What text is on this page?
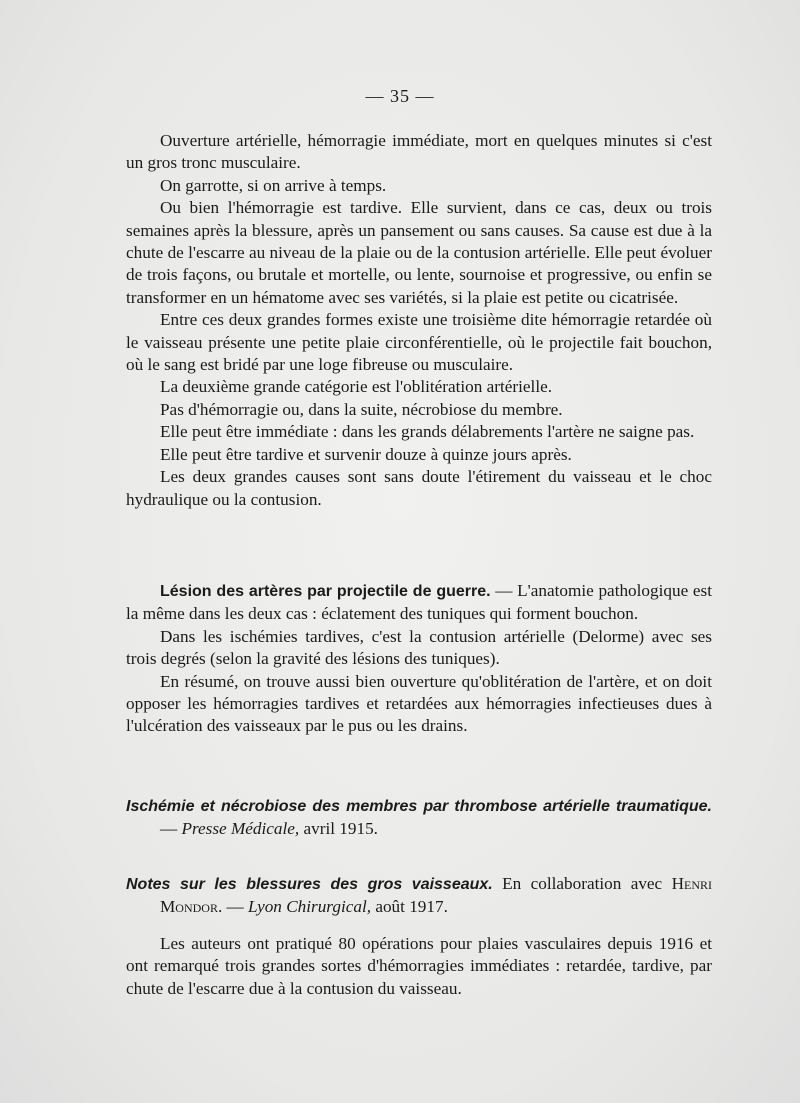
— 35 —

Ouverture artérielle, hémorragie immédiate, mort en quelques minutes si c'est un gros tronc musculaire.

On garrotte, si on arrive à temps.

Ou bien l'hémorragie est tardive. Elle survient, dans ce cas, deux ou trois semaines après la blessure, après un pansement ou sans causes. Sa cause est due à la chute de l'escarre au niveau de la plaie ou de la contusion artérielle. Elle peut évoluer de trois façons, ou brutale et mortelle, ou lente, sournoise et progressive, ou enfin se transformer en un hématome avec ses variétés, si la plaie est petite ou cicatrisée.

Entre ces deux grandes formes existe une troisième dite hémorragie retardée où le vaisseau présente une petite plaie circonférentielle, où le projectile fait bouchon, où le sang est bridé par une loge fibreuse ou musculaire.

La deuxième grande catégorie est l'oblitération artérielle.

Pas d'hémorragie ou, dans la suite, nécrobiose du membre.

Elle peut être immédiate : dans les grands délabrements l'artère ne saigne pas.

Elle peut être tardive et survenir douze à quinze jours après.

Les deux grandes causes sont sans doute l'étirement du vaisseau et le choc hydraulique ou la contusion.

Lésion des artères par projectile de guerre. — L'anatomie pathologique est la même dans les deux cas : éclatement des tuniques qui forment bouchon.

Dans les ischémies tardives, c'est la contusion artérielle (Delorme) avec ses trois degrés (selon la gravité des lésions des tuniques).

En résumé, on trouve aussi bien ouverture qu'oblitération de l'artère, et on doit opposer les hémorragies tardives et retardées aux hémorragies infectieuses dues à l'ulcération des vaisseaux par le pus ou les drains.

Ischémie et nécrobiose des membres par thrombose artérielle traumatique. — Presse Médicale, avril 1915.

Notes sur les blessures des gros vaisseaux. En collaboration avec Henri Mondor. — Lyon Chirurgical, août 1917.

Les auteurs ont pratiqué 80 opérations pour plaies vasculaires depuis 1916 et ont remarqué trois grandes sortes d'hémorragies immédiates : retardée, tardive, par chute de l'escarre due à la contusion du vaisseau.
